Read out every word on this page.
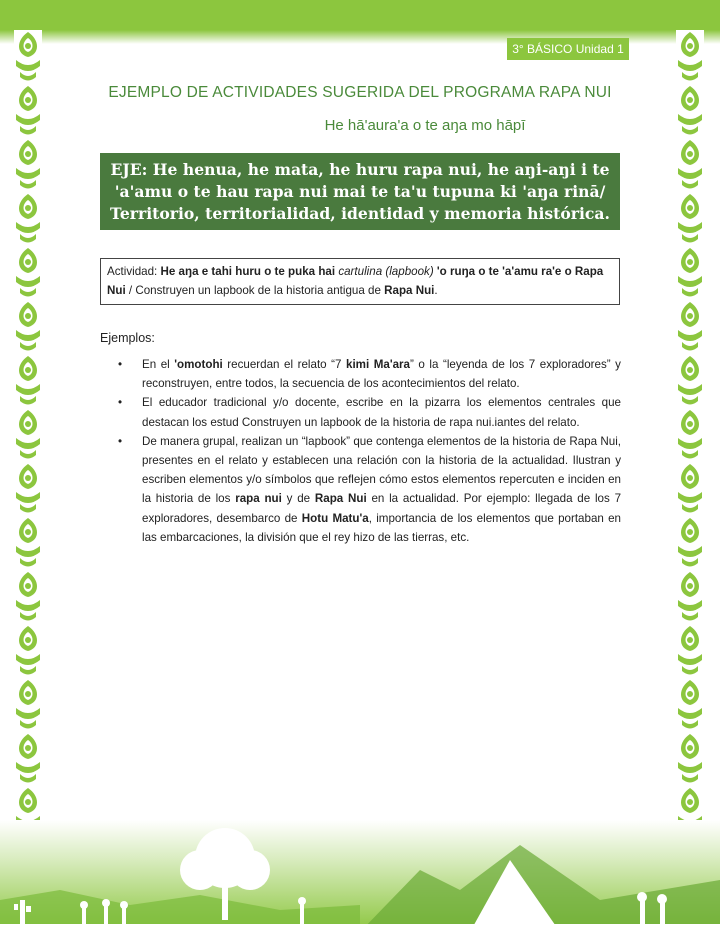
3° BÁSICO Unidad 1
EJEMPLO DE ACTIVIDADES SUGERIDA DEL PROGRAMA RAPA NUI
He hā'aura'a o te aŋa mo hāpī
EJE: He henua, he mata, he huru rapa nui, he aŋi-aŋi i te 'a'amu o te hau rapa nui mai te ta'u tupuna ki 'aŋa rinā/ Territorio, territorialidad, identidad y memoria histórica.
Actividad: He aŋa e tahi huru o te puka hai cartulina (lapbook) 'o ruŋa o te 'a'amu ra'e o Rapa Nui / Construyen un lapbook de la historia antigua de Rapa Nui.
Ejemplos:
• En el 'omotohi recuerdan el relato “7 kimi Ma'ara” o la “leyenda de los 7 exploradores” y reconstruyen, entre todos, la secuencia de los acontecimientos del relato.
• El educador tradicional y/o docente, escribe en la pizarra los elementos centrales que destacan los estud Construyen un lapbook de la historia de rapa nui.iantes del relato.
• De manera grupal, realizan un “lapbook” que contenga elementos de la historia de Rapa Nui, presentes en el relato y establecen una relación con la historia de la actualidad. Ilustran y escriben elementos y/o símbolos que reflejen cómo estos elementos repercuten e inciden en la historia de los rapa nui y de Rapa Nui en la actualidad. Por ejemplo: llegada de los 7 exploradores, desembarco de Hotu Matu'a, importancia de los elementos que portaban en las embarcaciones, la división que el rey hizo de las tierras, etc.
